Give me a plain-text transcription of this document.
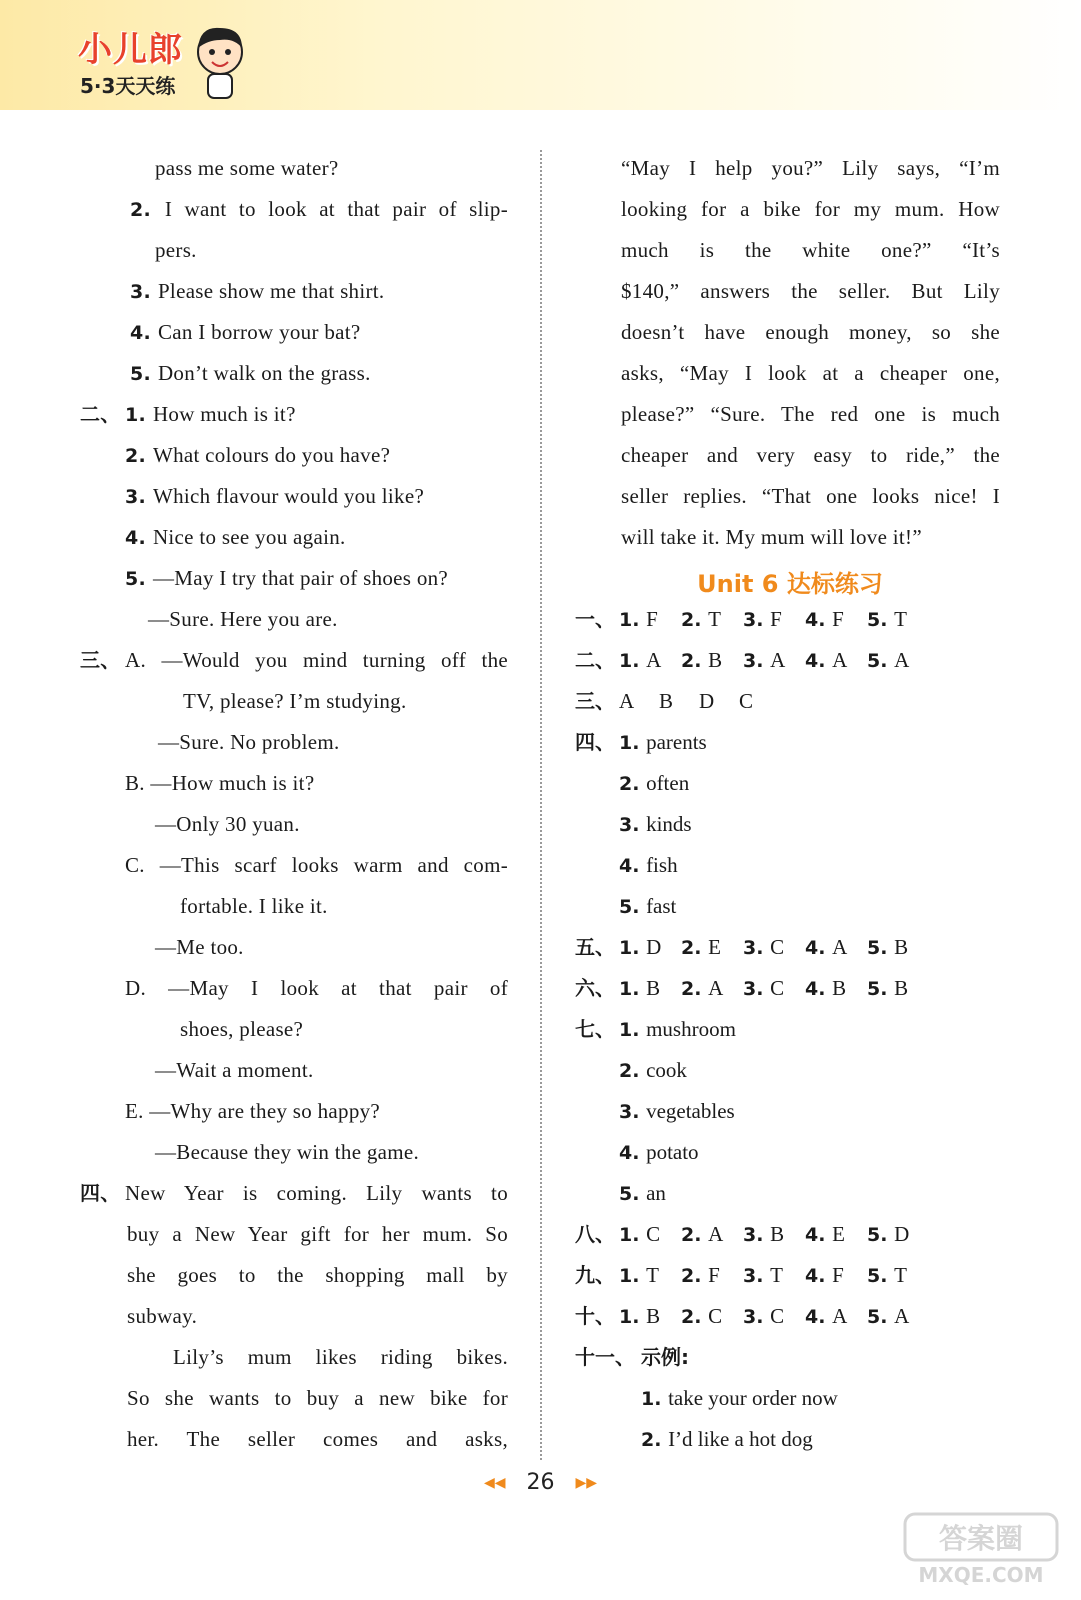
小儿郎
5·3天天练
pass me some water?
2. I want to look at that pair of slip-
pers.
3. Please show me that shirt.
4. Can I borrow your bat?
5. Don’t walk on the grass.
二、 1. How much is it?
2. What colours do you have?
3. Which flavour would you like?
4. Nice to see you again.
5. —May I try that pair of shoes on?
—Sure. Here you are.
三、 A. —Would you mind turning off the
TV, please? I’m studying.
—Sure. No problem.
B. —How much is it?
—Only 30 yuan.
C. —This scarf looks warm and com-
fortable. I like it.
—Me too.
D. —May I look at that pair of
shoes, please?
—Wait a moment.
E. —Why are they so happy?
—Because they win the game.
四、 New Year is coming. Lily wants to
buy a New Year gift for her mum. So
she goes to the shopping mall by
subway.
Lily’s mum likes riding bikes.
So she wants to buy a new bike for
her. The seller comes and asks,
“May I help you?” Lily says, “I’m
looking for a bike for my mum. How
much is the white one?” “It’s
$140,” answers the seller. But Lily
doesn’t have enough money, so she
asks, “May I look at a cheaper one,
please?” “Sure. The red one is much
cheaper and very easy to ride,” the
seller replies. “That one looks nice! I
will take it. My mum will love it!”
Unit 6 达标练习
一、 1. F 2. T 3. F 4. F 5. T
二、 1. A 2. B 3. A 4. A 5. A
三、 A B D C
四、 1. parents
2. often
3. kinds
4. fish
5. fast
五、 1. D 2. E 3. C 4. A 5. B
六、 1. B 2. A 3. C 4. B 5. B
七、 1. mushroom
2. cook
3. vegetables
4. potato
5. an
八、 1. C 2. A 3. B 4. E 5. D
九、 1. T 2. F 3. T 4. F 5. T
十、 1. B 2. C 3. C 4. A 5. A
十一、 示例:
1. take your order now
2. I’d like a hot dog
◀◀ 26 ▶▶
答案圈
MXQE.COM
